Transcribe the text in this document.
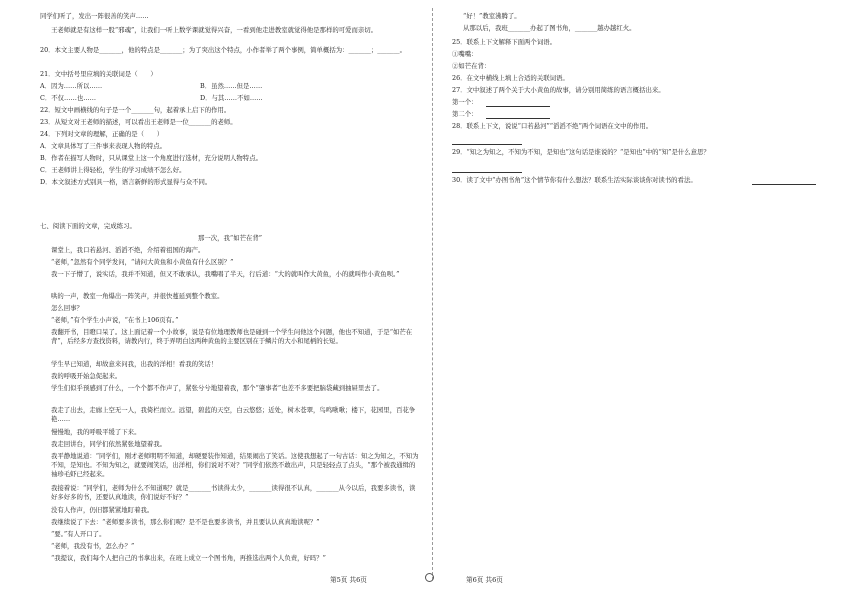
同学们听了，发出一阵很善的笑声……
王老师就是有这样一股“邪魂”，让我们一听上数学课就觉得兴奋，一看到他走进教室就觉得他是那样的可爱而亲切。
20．本文主要人物是_______，他的特点是_______；为了突出这个特点，小作者举了两个事例，简单概括为：_______；_______。
21．文中括号里应填的关联词是（　　）
A．因为……所以……	B．虽然……但是……
C．不仅……也……	D．与其……不如……
22．短文中画横线的句子是一个_______句，起着承上启下的作用。
23．从短文对王老师的描述，可以看出王老师是一位_______的老师。
24．下列对文章的理解，正确的是（　　）
A．文章具体写了三件事来表现人物的特点。
B．作者在描写人物时，只从课堂上这一个角度进行选材，充分说明人物特点。
C．王老师讲上得轻松，学生的学习成绩不怎么好。
D．本文叙述方式别具一格，语言新鲜的形式显得与众不同。
七、阅读下面的文章，完成练习。
那一次，我“如芒在背”
课堂上，我口若悬河、滔滔不绝，介绍着祖国的海产。
“老师，”忽然有个同学发问，“请问大黄鱼和小黄鱼有什么区别？”
我一下子懵了，说实话，我并不知道，但又不敢承认，我嘴唱了半天，行后道：“大的就叫作大黄鱼，小的就叫作小黄鱼呗。”
哄的一声，教室一角爆出一阵笑声，并很快蔓延到整个教室。
怎么回事？
“老师，”有个学生小声说，“在书上106页有。”
我翻开书，目瞪口呆了。这上面记着一个小故事，说是有位地理教师也是碰到一个学生问他这个问题，他也不知道，于是“如芒在背”，后经多方查找资料，请教内行，终于弄明白这两种黄鱼的主要区别在于鳞片的大小和尾柄的长短。
学生早已知道，却故意来问我，出我的洋相！看我的笑话！
我的呼吸开始急促起来。
学生们似乎预感到了什么，一个个都不作声了，紧张兮兮地望着我，那个“肇事者”也差不多要把脑袋藏到抽屉里去了。
我走了出去，走廊上空无一人，我倚栏而立。远望，碧蓝的天空，白云悠悠；近处，树木苍翠，鸟鸣啾啾；楼下，花园里，百花争艳……
慢慢地，我的呼吸平缓了下来。
我走回讲台，同学们依然紧张地望着我。
我平静地说道：“同学们，刚才老师明明不知道，却硬要装作知道，结果闹出了笑话。这使我想起了一句古话：知之为知之，不知为不知，是知也。不知为知之，就要闹笑话，出洋相，你们说对不对？”同学们依然不敢出声，只是轻轻点了点头，“那个被我通缉的袖珍毛虾已经起来。
我接着说：“同学们，老师为什么不知道呢？就是_______书读得太少，_______读得很不认真，_______从今以后，我要多读书，读好多好多的书，还要认真地读，你们说好不好？”
没有人作声，仍旧都紧紧地盯着我。
我继续说了下去：“老师要多读书，那么你们呢？是不是也要多读书，并且要认认真真地读呢？”
“要。”有人开口了。
“老师，我没有书，怎么办？”
“我提议，我们每个人把自己的书拿出来，在班上成立一个图书角，再推选出两个人负责，好吗？”
第5页 共6页
“好！”教室沸腾了。
从那以后，我班_______办起了图书角，_______越办越红火。
25．联系上下文解释下面两个词语。
①嘴嘴：
②如芒在背：
26．在文中横线上填上合适的关联词语。
27．文中叙述了两个关于大小黄鱼的故事，请分别用简练的语言概括出来。
第一个：
第二个：
28．联系上下文，说说“口若悬河”“滔滔不绝”两个词语在文中的作用。
29．“知之为知之，不知为不知，是知也”这句话是谁说的？“是知也”中的“知”是什么意思？
30．读了文中“办图书角”这个情节你有什么想法？联系生活实际谈谈你对读书的看法。
第6页 共6页
